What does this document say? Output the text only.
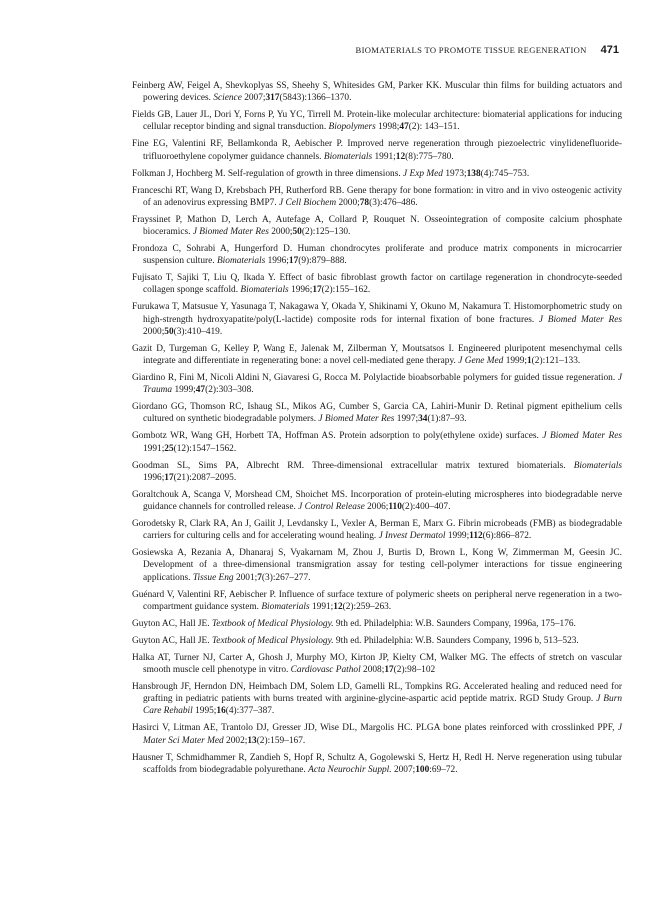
BIOMATERIALS TO PROMOTE TISSUE REGENERATION 471
Feinberg AW, Feigel A, Shevkoplyas SS, Sheehy S, Whitesides GM, Parker KK. Muscular thin films for building actuators and powering devices. Science 2007;317(5843):1366–1370.
Fields GB, Lauer JL, Dori Y, Forns P, Yu YC, Tirrell M. Protein-like molecular architecture: biomaterial applications for inducing cellular receptor binding and signal transduction. Biopolymers 1998;47(2): 143–151.
Fine EG, Valentini RF, Bellamkonda R, Aebischer P. Improved nerve regeneration through piezoelectric vinylidenefluoride-trifluoroethylene copolymer guidance channels. Biomaterials 1991;12(8):775–780.
Folkman J, Hochberg M. Self-regulation of growth in three dimensions. J Exp Med 1973;138(4):745–753.
Franceschi RT, Wang D, Krebsbach PH, Rutherford RB. Gene therapy for bone formation: in vitro and in vivo osteogenic activity of an adenovirus expressing BMP7. J Cell Biochem 2000;78(3):476–486.
Frayssinet P, Mathon D, Lerch A, Autefage A, Collard P, Rouquet N. Osseointegration of composite calcium phosphate bioceramics. J Biomed Mater Res 2000;50(2):125–130.
Frondoza C, Sohrabi A, Hungerford D. Human chondrocytes proliferate and produce matrix components in microcarrier suspension culture. Biomaterials 1996;17(9):879–888.
Fujisato T, Sajiki T, Liu Q, Ikada Y. Effect of basic fibroblast growth factor on cartilage regeneration in chondrocyte-seeded collagen sponge scaffold. Biomaterials 1996;17(2):155–162.
Furukawa T, Matsusue Y, Yasunaga T, Nakagawa Y, Okada Y, Shikinami Y, Okuno M, Nakamura T. Histomorphometric study on high-strength hydroxyapatite/poly(L-lactide) composite rods for internal fixation of bone fractures. J Biomed Mater Res 2000;50(3):410–419.
Gazit D, Turgeman G, Kelley P, Wang E, Jalenak M, Zilberman Y, Moutsatsos I. Engineered pluripotent mesenchymal cells integrate and differentiate in regenerating bone: a novel cell-mediated gene therapy. J Gene Med 1999;1(2):121–133.
Giardino R, Fini M, Nicoli Aldini N, Giavaresi G, Rocca M. Polylactide bioabsorbable polymers for guided tissue regeneration. J Trauma 1999;47(2):303–308.
Giordano GG, Thomson RC, Ishaug SL, Mikos AG, Cumber S, Garcia CA, Lahiri-Munir D. Retinal pigment epithelium cells cultured on synthetic biodegradable polymers. J Biomed Mater Res 1997;34(1):87–93.
Gombotz WR, Wang GH, Horbett TA, Hoffman AS. Protein adsorption to poly(ethylene oxide) surfaces. J Biomed Mater Res 1991;25(12):1547–1562.
Goodman SL, Sims PA, Albrecht RM. Three-dimensional extracellular matrix textured biomaterials. Biomaterials 1996;17(21):2087–2095.
Goraltchouk A, Scanga V, Morshead CM, Shoichet MS. Incorporation of protein-eluting microspheres into biodegradable nerve guidance channels for controlled release. J Control Release 2006;110(2):400–407.
Gorodetsky R, Clark RA, An J, Gailit J, Levdansky L, Vexler A, Berman E, Marx G. Fibrin microbeads (FMB) as biodegradable carriers for culturing cells and for accelerating wound healing. J Invest Dermatol 1999;112(6):866–872.
Gosiewska A, Rezania A, Dhanaraj S, Vyakarnam M, Zhou J, Burtis D, Brown L, Kong W, Zimmerman M, Geesin JC. Development of a three-dimensional transmigration assay for testing cell-polymer interactions for tissue engineering applications. Tissue Eng 2001;7(3):267–277.
Guénard V, Valentini RF, Aebischer P. Influence of surface texture of polymeric sheets on peripheral nerve regeneration in a two-compartment guidance system. Biomaterials 1991;12(2):259–263.
Guyton AC, Hall JE. Textbook of Medical Physiology. 9th ed. Philadelphia: W.B. Saunders Company, 1996a, 175–176.
Guyton AC, Hall JE. Textbook of Medical Physiology. 9th ed. Philadelphia: W.B. Saunders Company, 1996 b, 513–523.
Halka AT, Turner NJ, Carter A, Ghosh J, Murphy MO, Kirton JP, Kielty CM, Walker MG. The effects of stretch on vascular smooth muscle cell phenotype in vitro. Cardiovasc Pathol 2008;17(2):98–102
Hansbrough JF, Herndon DN, Heimbach DM, Solem LD, Gamelli RL, Tompkins RG. Accelerated healing and reduced need for grafting in pediatric patients with burns treated with arginine-glycine-aspartic acid peptide matrix. RGD Study Group. J Burn Care Rehabil 1995;16(4):377–387.
Hasirci V, Litman AE, Trantolo DJ, Gresser JD, Wise DL, Margolis HC. PLGA bone plates reinforced with crosslinked PPF, J Mater Sci Mater Med 2002;13(2):159–167.
Hausner T, Schmidhammer R, Zandieh S, Hopf R, Schultz A, Gogolewski S, Hertz H, Redl H. Nerve regeneration using tubular scaffolds from biodegradable polyurethane. Acta Neurochir Suppl. 2007;100:69–72.
